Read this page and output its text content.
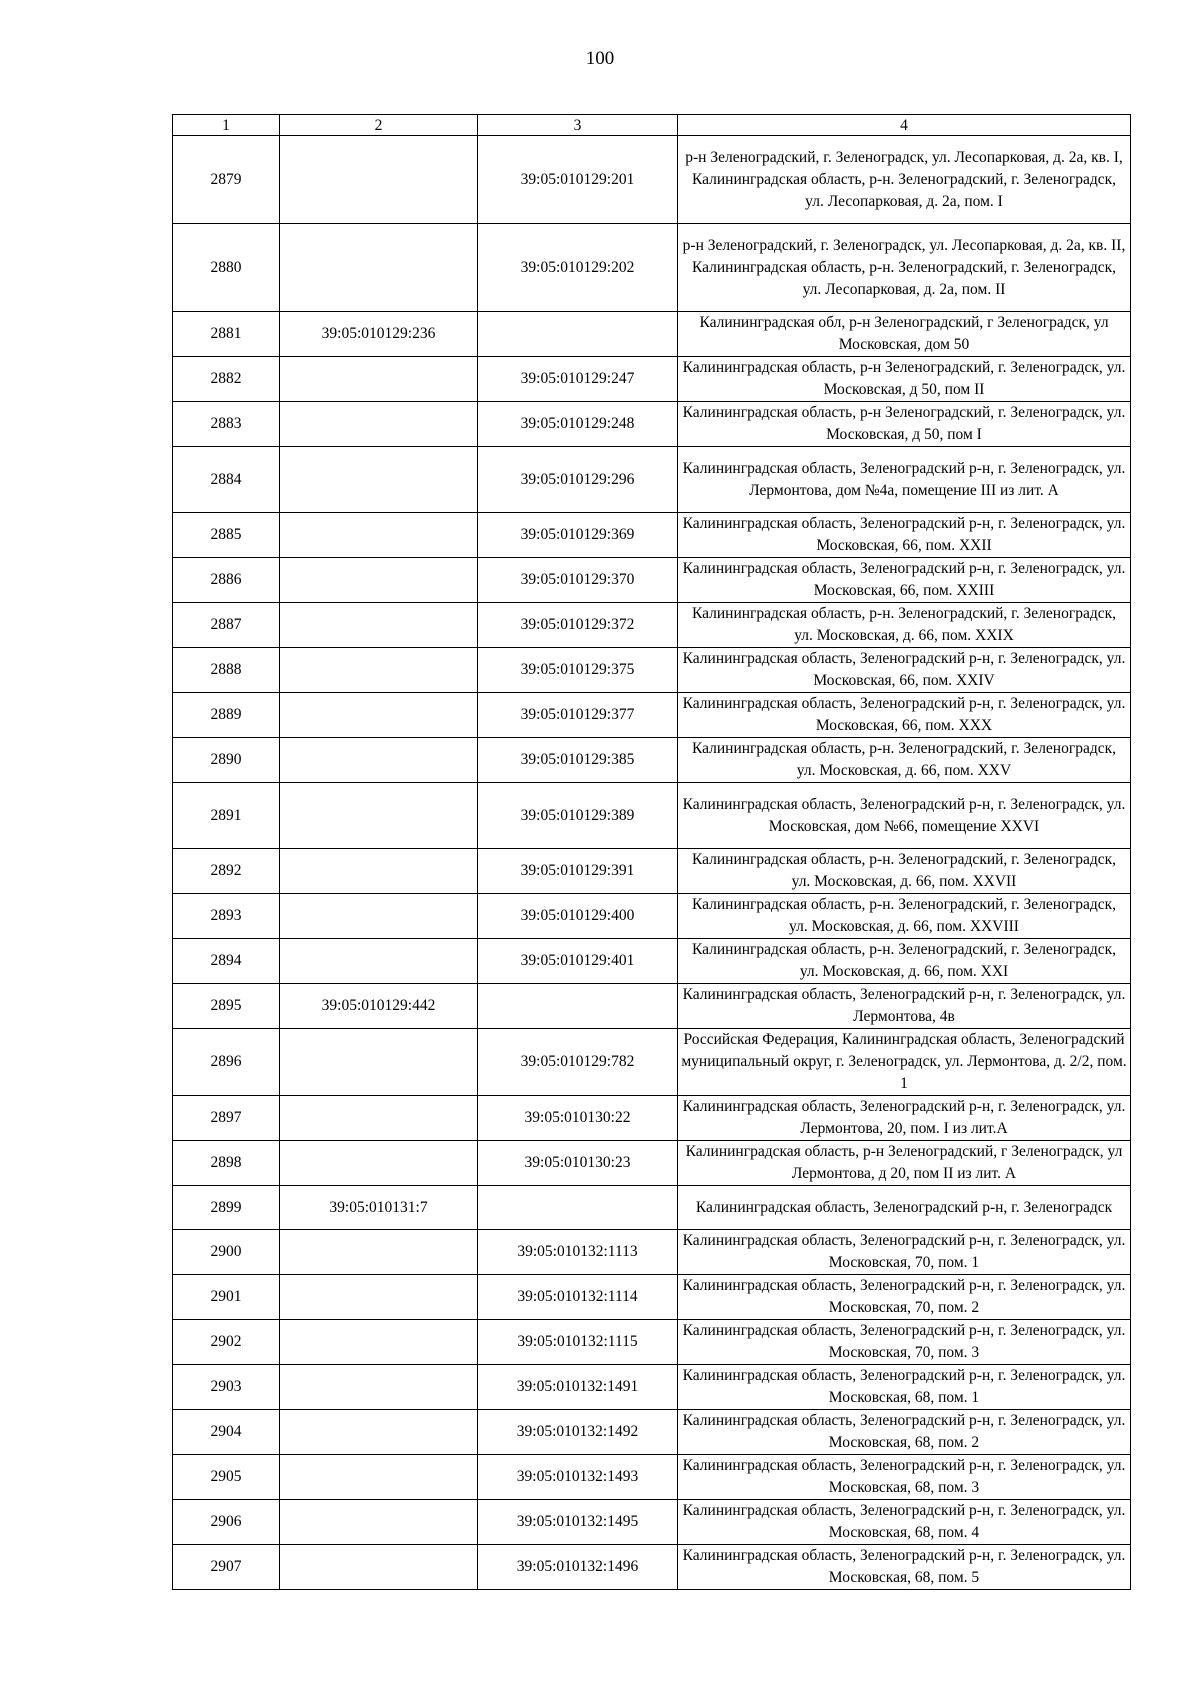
100
1	2	3	4
2879		39:05:010129:201	р-н Зеленоградский, г. Зеленоградск, ул. Лесопарковая, д. 2а, кв. I, Калининградская область, р-н. Зеленоградский, г. Зеленоградск, ул. Лесопарковая, д. 2а, пом. I
2880		39:05:010129:202	р-н Зеленоградский, г. Зеленоградск, ул. Лесопарковая, д. 2а, кв. II, Калининградская область, р-н. Зеленоградский, г. Зеленоградск, ул. Лесопарковая, д. 2а, пом. II
2881	39:05:010129:236		Калининградская обл, р-н Зеленоградский, г Зеленоградск, ул Московская, дом 50
2882		39:05:010129:247	Калининградская область, р-н Зеленоградский, г. Зеленоградск, ул. Московская, д 50, пом II
2883		39:05:010129:248	Калининградская область, р-н Зеленоградский, г. Зеленоградск, ул. Московская, д 50, пом I
2884		39:05:010129:296	Калининградская область, Зеленоградский р-н, г. Зеленоградск, ул. Лермонтова, дом №4а, помещение III из лит. А
2885		39:05:010129:369	Калининградская область, Зеленоградский р-н, г. Зеленоградск, ул. Московская, 66, пом. XXII
2886		39:05:010129:370	Калининградская область, Зеленоградский р-н, г. Зеленоградск, ул. Московская, 66, пом. XXIII
2887		39:05:010129:372	Калининградская область, р-н. Зеленоградский, г. Зеленоградск, ул. Московская, д. 66, пом. XXIX
2888		39:05:010129:375	Калининградская область, Зеленоградский р-н, г. Зеленоградск, ул. Московская, 66, пом. XXIV
2889		39:05:010129:377	Калининградская область, Зеленоградский р-н, г. Зеленоградск, ул. Московская, 66, пом. XXX
2890		39:05:010129:385	Калининградская область, р-н. Зеленоградский, г. Зеленоградск, ул. Московская, д. 66, пом. XXV
2891		39:05:010129:389	Калининградская область, Зеленоградский р-н, г. Зеленоградск, ул. Московская, дом №66, помещение XXVI
2892		39:05:010129:391	Калининградская область, р-н. Зеленоградский, г. Зеленоградск, ул. Московская, д. 66, пом. XXVII
2893		39:05:010129:400	Калининградская область, р-н. Зеленоградский, г. Зеленоградск, ул. Московская, д. 66, пом. XXVIII
2894		39:05:010129:401	Калининградская область, р-н. Зеленоградский, г. Зеленоградск, ул. Московская, д. 66, пом. XXI
2895	39:05:010129:442		Калининградская область, Зеленоградский р-н, г. Зеленоградск, ул. Лермонтова, 4в
2896		39:05:010129:782	Российская Федерация, Калининградская область, Зеленоградский муниципальный округ, г. Зеленоградск, ул. Лермонтова, д. 2/2, пом. 1
2897		39:05:010130:22	Калининградская область, Зеленоградский р-н, г. Зеленоградск, ул. Лермонтова, 20, пом. I из лит.А
2898		39:05:010130:23	Калининградская область, р-н Зеленоградский, г Зеленоградск, ул Лермонтова, д 20, пом II из лит. А
2899	39:05:010131:7		Калининградская область, Зеленоградский р-н, г. Зеленоградск
2900		39:05:010132:1113	Калининградская область, Зеленоградский р-н, г. Зеленоградск, ул. Московская, 70, пом. 1
2901		39:05:010132:1114	Калининградская область, Зеленоградский р-н, г. Зеленоградск, ул. Московская, 70, пом. 2
2902		39:05:010132:1115	Калининградская область, Зеленоградский р-н, г. Зеленоградск, ул. Московская, 70, пом. 3
2903		39:05:010132:1491	Калининградская область, Зеленоградский р-н, г. Зеленоградск, ул. Московская, 68, пом. 1
2904		39:05:010132:1492	Калининградская область, Зеленоградский р-н, г. Зеленоградск, ул. Московская, 68, пом. 2
2905		39:05:010132:1493	Калининградская область, Зеленоградский р-н, г. Зеленоградск, ул. Московская, 68, пом. 3
2906		39:05:010132:1495	Калининградская область, Зеленоградский р-н, г. Зеленоградск, ул. Московская, 68, пом. 4
2907		39:05:010132:1496	Калининградская область, Зеленоградский р-н, г. Зеленоградск, ул. Московская, 68, пом. 5
